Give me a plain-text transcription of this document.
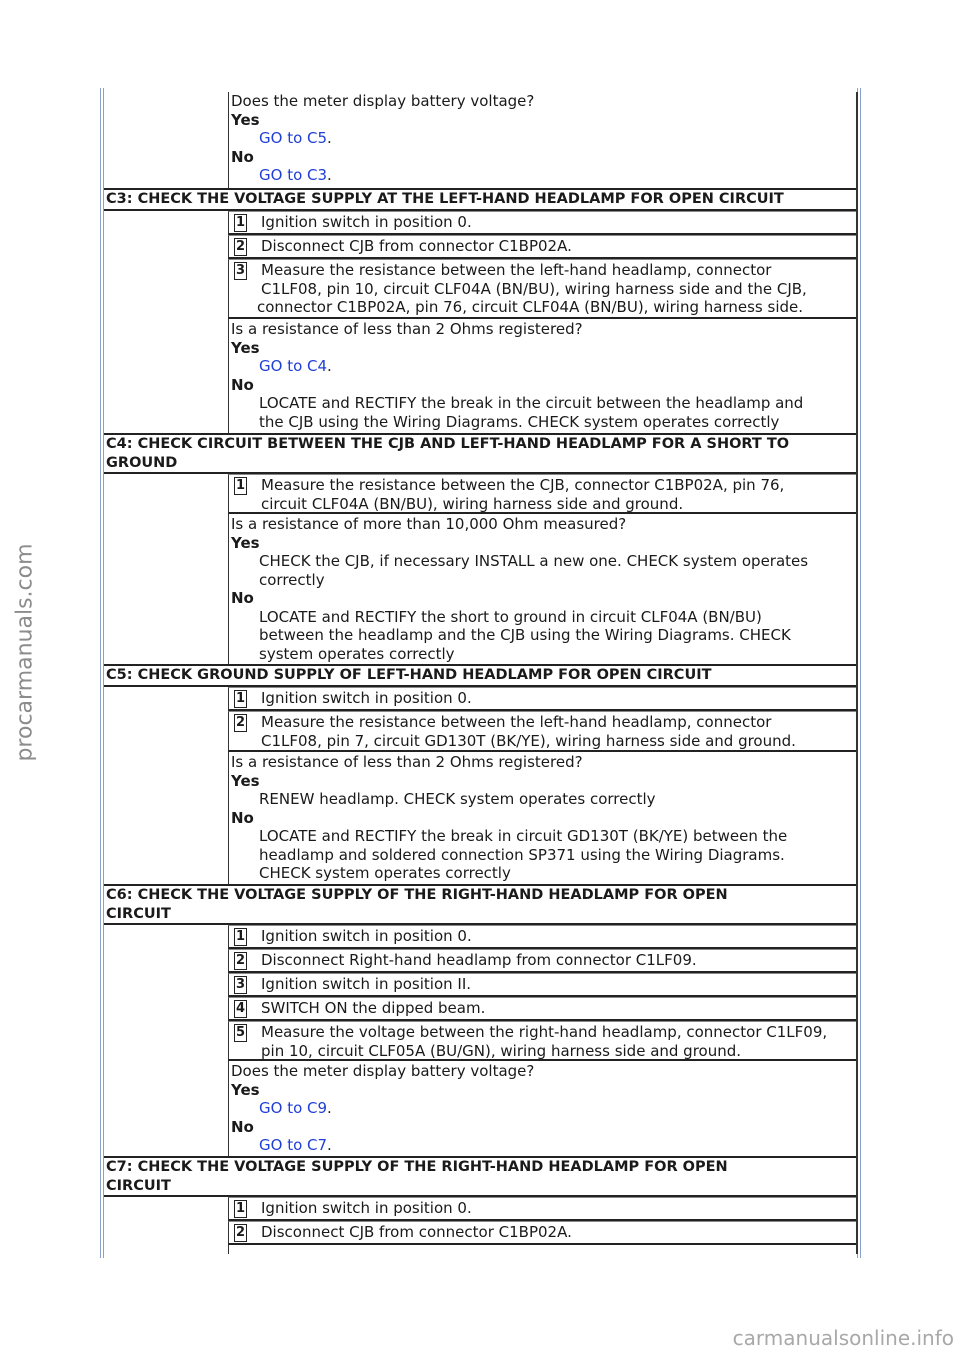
procarmanuals.com
carmanualsonline.info
Does the meter display battery voltage?
Yes
GO to C5.
No
GO to C3.
C3: CHECK THE VOLTAGE SUPPLY AT THE LEFT-HAND HEADLAMP FOR OPEN CIRCUIT
1 Ignition switch in position 0.
2 Disconnect CJB from connector C1BP02A.
3 Measure the resistance between the left-hand headlamp, connector
C1LF08, pin 10, circuit CLF04A (BN/BU), wiring harness side and the CJB,
connector C1BP02A, pin 76, circuit CLF04A (BN/BU), wiring harness side.
Is a resistance of less than 2 Ohms registered?
Yes
GO to C4.
No
LOCATE and RECTIFY the break in the circuit between the headlamp and
the CJB using the Wiring Diagrams. CHECK system operates correctly
C4: CHECK CIRCUIT BETWEEN THE CJB AND LEFT-HAND HEADLAMP FOR A SHORT TO
GROUND
1 Measure the resistance between the CJB, connector C1BP02A, pin 76,
circuit CLF04A (BN/BU), wiring harness side and ground.
Is a resistance of more than 10,000 Ohm measured?
Yes
CHECK the CJB, if necessary INSTALL a new one. CHECK system operates
correctly
No
LOCATE and RECTIFY the short to ground in circuit CLF04A (BN/BU)
between the headlamp and the CJB using the Wiring Diagrams. CHECK
system operates correctly
C5: CHECK GROUND SUPPLY OF LEFT-HAND HEADLAMP FOR OPEN CIRCUIT
1 Ignition switch in position 0.
2 Measure the resistance between the left-hand headlamp, connector
C1LF08, pin 7, circuit GD130T (BK/YE), wiring harness side and ground.
Is a resistance of less than 2 Ohms registered?
Yes
RENEW headlamp. CHECK system operates correctly
No
LOCATE and RECTIFY the break in circuit GD130T (BK/YE) between the
headlamp and soldered connection SP371 using the Wiring Diagrams.
CHECK system operates correctly
C6: CHECK THE VOLTAGE SUPPLY OF THE RIGHT-HAND HEADLAMP FOR OPEN
CIRCUIT
1 Ignition switch in position 0.
2 Disconnect Right-hand headlamp from connector C1LF09.
3 Ignition switch in position II.
4 SWITCH ON the dipped beam.
5 Measure the voltage between the right-hand headlamp, connector C1LF09,
pin 10, circuit CLF05A (BU/GN), wiring harness side and ground.
Does the meter display battery voltage?
Yes
GO to C9.
No
GO to C7.
C7: CHECK THE VOLTAGE SUPPLY OF THE RIGHT-HAND HEADLAMP FOR OPEN
CIRCUIT
1 Ignition switch in position 0.
2 Disconnect CJB from connector C1BP02A.
